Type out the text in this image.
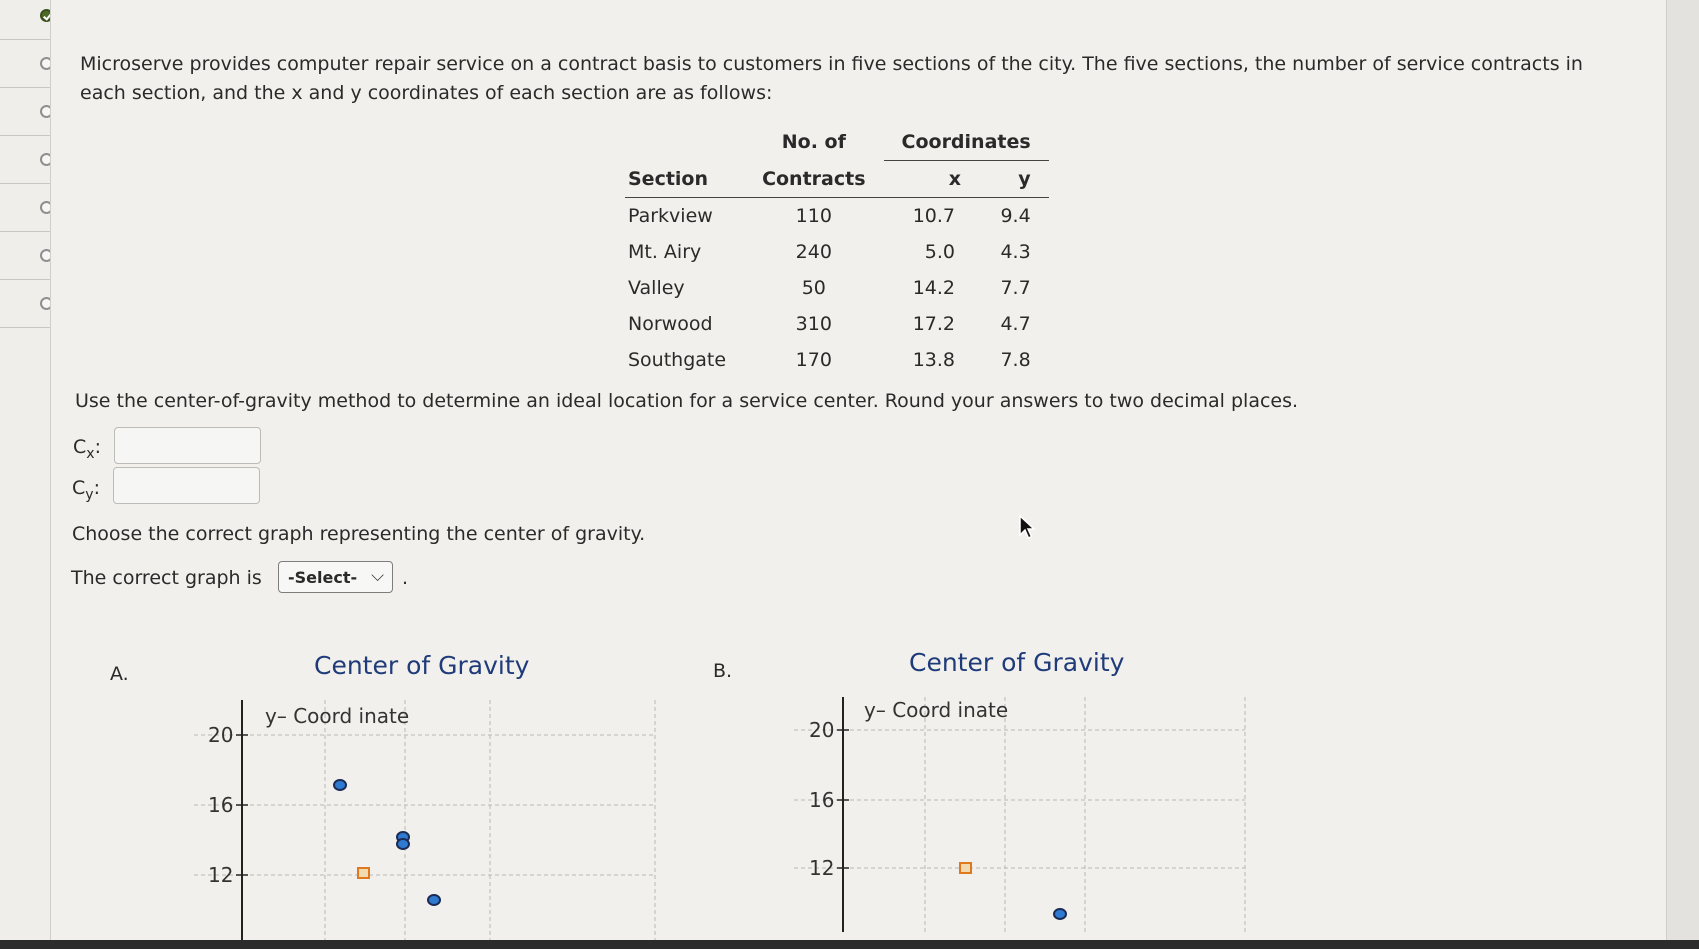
Microserve provides computer repair service on a contract basis to customers in five sections of the city. The five sections, the number of service contracts in each section, and the x and y coordinates of each section are as follows:
	No. of	Coordinates	
Section	Contracts	x	y
Parkview	110	10.7	9.4
Mt. Airy	240	5.0	4.3
Valley	50	14.2	7.7
Norwood	310	17.2	4.7
Southgate	170	13.8	7.8
Use the center-of-gravity method to determine an ideal location for a service center. Round your answers to two decimal places.
$C_x$:
$C_y$:
Choose the correct graph representing the center of gravity.
The correct graph is	-Select- ⌵ .
A.	Center of Gravity
20
16
12
y– Coord inate
B.	Center of Gravity
20
16
12
y– Coord inate
